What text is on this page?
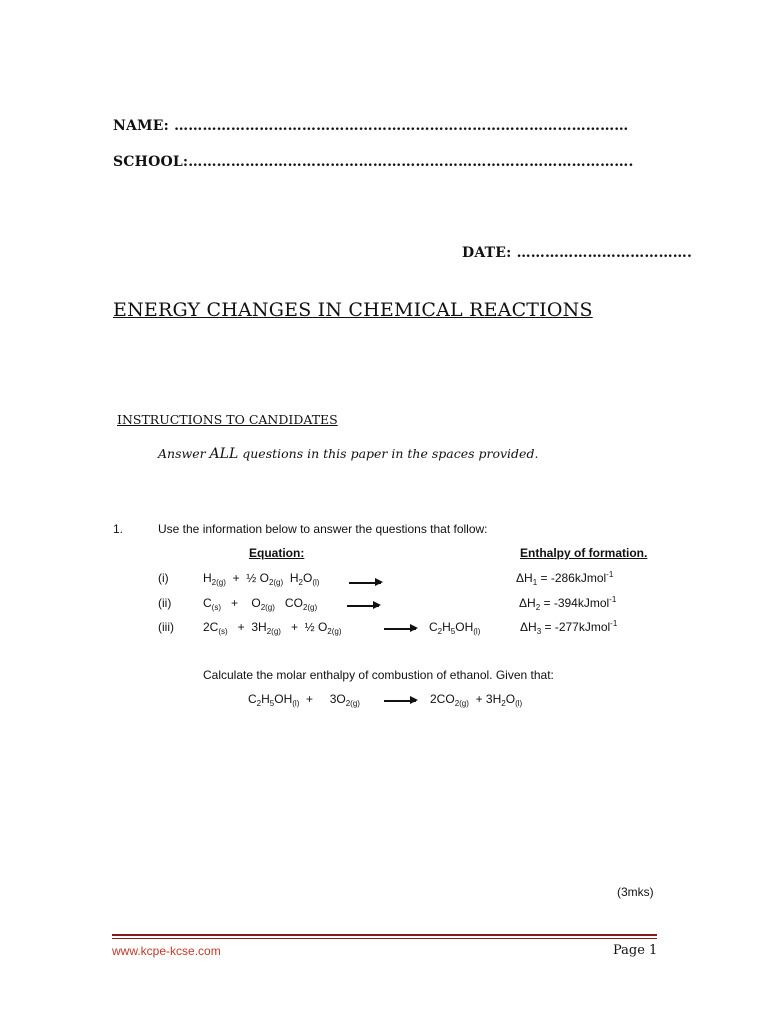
NAME: ……………………………………………………………………………………
SCHOOL:………………………………………………………………………………….
DATE: ……………………………….
ENERGY CHANGES IN CHEMICAL REACTIONS
INSTRUCTIONS TO CANDIDATES
Answer ALL questions in this paper in the spaces provided.
1.	Use the information below to answer the questions that follow:
Equation:	Enthalpy of formation.
(i)	$H_{2(g)}$  +  ½ $O_{2(g)}$  $H_2O_{(l)}$	$\Delta H_1$ = -286kJmol$^{-1}$
(ii)	$C_{(s)}$   +    $O_{2(g)}$   $CO_{2(g)}$	$\Delta H_2$ = -394kJmol$^{-1}$
(iii) $2C_{(s)} + 3H_{2(g)}$   +  ½ $O_{2(g)}$	→ $C_2H_5OH_{(l)}$	$\Delta H_3$ = -277kJmol$^{-1}$
Calculate the molar enthalpy of combustion of ethanol. Given that:
$C_2H_5OH_{(l)}$  +     $3O_{2(g)} \to 2CO_{2(g)} + 3H_2O_{(l)}$
(3mks)
www.kcpe-kcse.com	Page 1
